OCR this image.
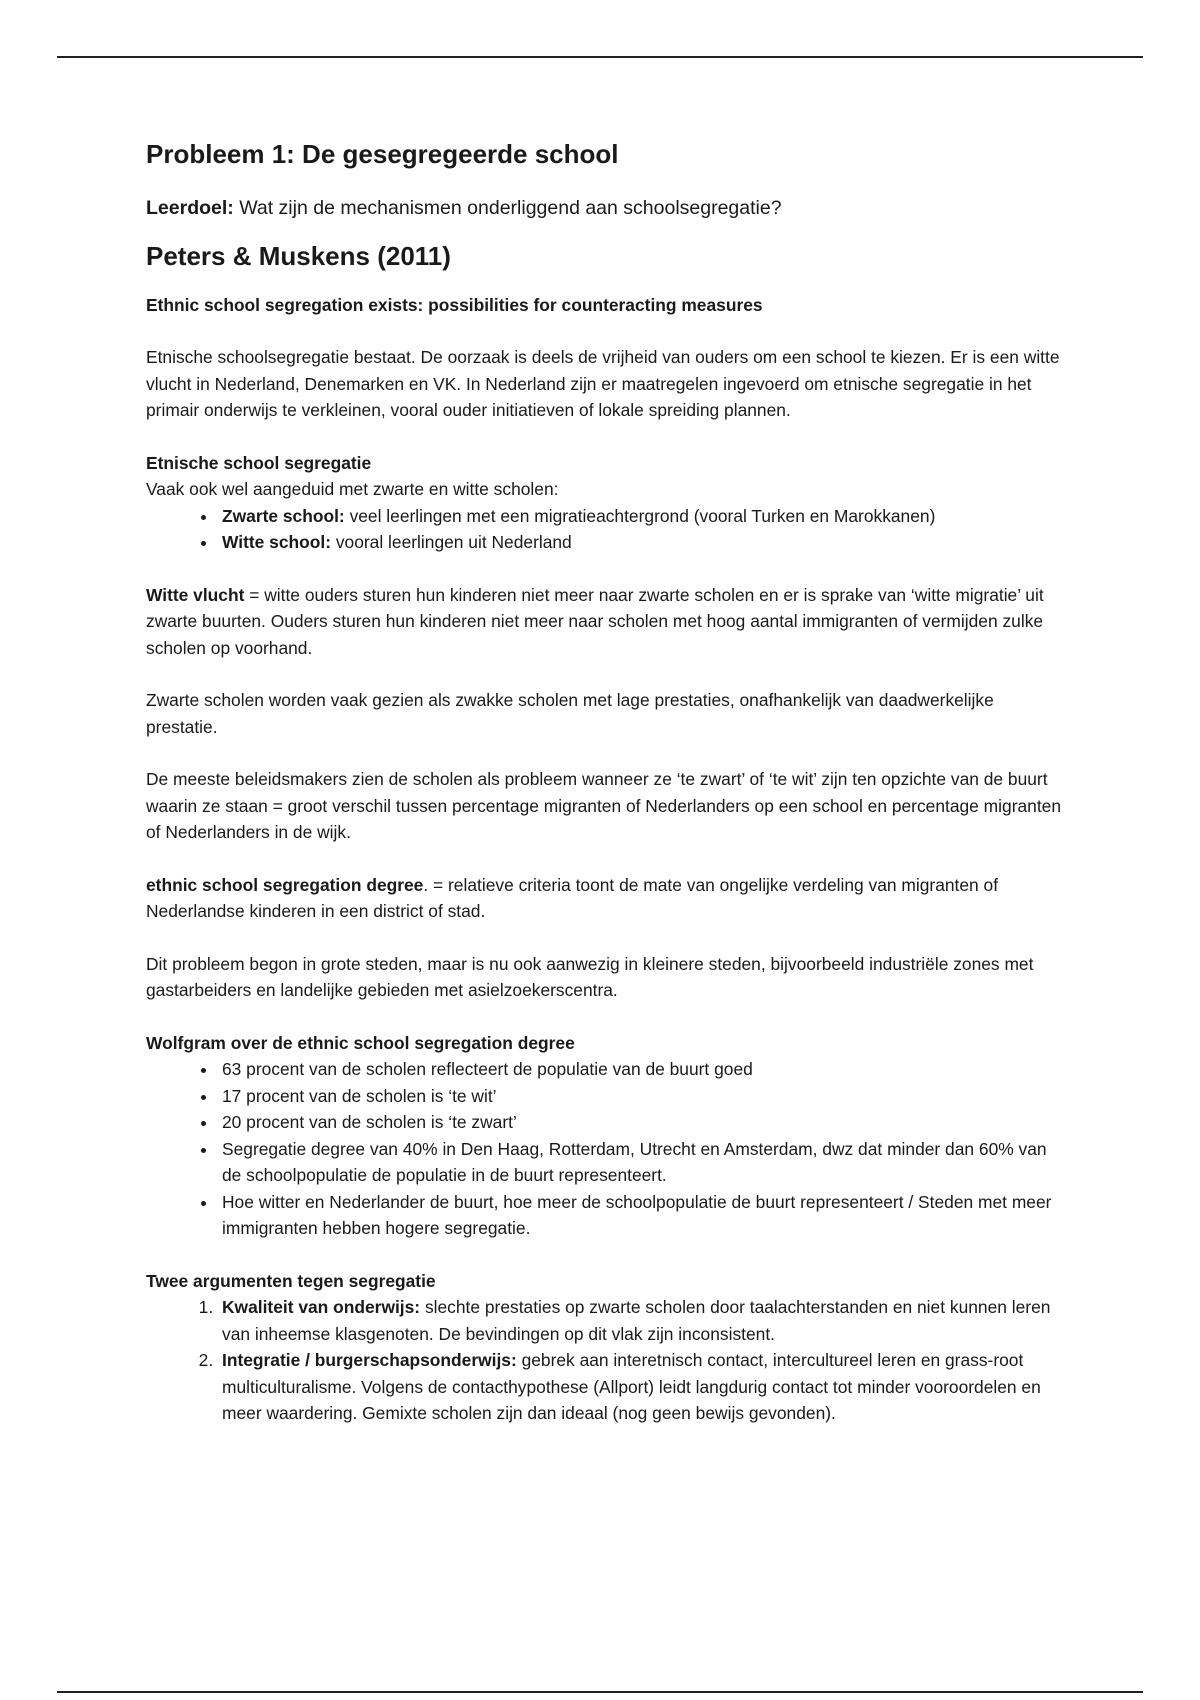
Probleem 1: De gesegregeerde school

Leerdoel: Wat zijn de mechanismen onderliggend aan schoolsegregatie?

Peters & Muskens (2011)

Ethnic school segregation exists: possibilities for counteracting measures

Etnische schoolsegregatie bestaat. De oorzaak is deels de vrijheid van ouders om een school te kiezen. Er is een witte vlucht in Nederland, Denemarken en VK. In Nederland zijn er maatregelen ingevoerd om etnische segregatie in het primair onderwijs te verkleinen, vooral ouder initiatieven of lokale spreiding plannen.

Etnische school segregatie

Vaak ook wel aangeduid met zwarte en witte scholen:

• Zwarte school: veel leerlingen met een migratieachtergrond (vooral Turken en Marokkanen)
• Witte school: vooral leerlingen uit Nederland

Witte vlucht = witte ouders sturen hun kinderen niet meer naar zwarte scholen en er is sprake van ‘witte migratie’ uit zwarte buurten. Ouders sturen hun kinderen niet meer naar scholen met hoog aantal immigranten of vermijden zulke scholen op voorhand.

Zwarte scholen worden vaak gezien als zwakke scholen met lage prestaties, onafhankelijk van daadwerkelijke prestatie.

De meeste beleidsmakers zien de scholen als probleem wanneer ze ‘te zwart’ of ‘te wit’ zijn ten opzichte van de buurt waarin ze staan = groot verschil tussen percentage migranten of Nederlanders op een school en percentage migranten of Nederlanders in de wijk.

ethnic school segregation degree. = relatieve criteria toont de mate van ongelijke verdeling van migranten of Nederlandse kinderen in een district of stad.

Dit probleem begon in grote steden, maar is nu ook aanwezig in kleinere steden, bijvoorbeeld industriële zones met gastarbeiders en landelijke gebieden met asielzoekerscentra.

Wolfgram over de ethnic school segregation degree

• 63 procent van de scholen reflecteert de populatie van de buurt goed
• 17 procent van de scholen is ‘te wit’
• 20 procent van de scholen is ‘te zwart’
• Segregatie degree van 40% in Den Haag, Rotterdam, Utrecht en Amsterdam, dwz dat minder dan 60% van de schoolpopulatie de populatie in de buurt representeert.
• Hoe witter en Nederlander de buurt, hoe meer de schoolpopulatie de buurt representeert / Steden met meer immigranten hebben hogere segregatie.

Twee argumenten tegen segregatie

1. Kwaliteit van onderwijs: slechte prestaties op zwarte scholen door taalachterstanden en niet kunnen leren van inheemse klasgenoten. De bevindingen op dit vlak zijn inconsistent.
2. Integratie / burgerschapsonderwijs: gebrek aan interetnisch contact, intercultureel leren en grass-root multiculturalisme. Volgens de contacthypothese (Allport) leidt langdurig contact tot minder vooroordelen en meer waardering. Gemixte scholen zijn dan ideaal (nog geen bewijs gevonden).
